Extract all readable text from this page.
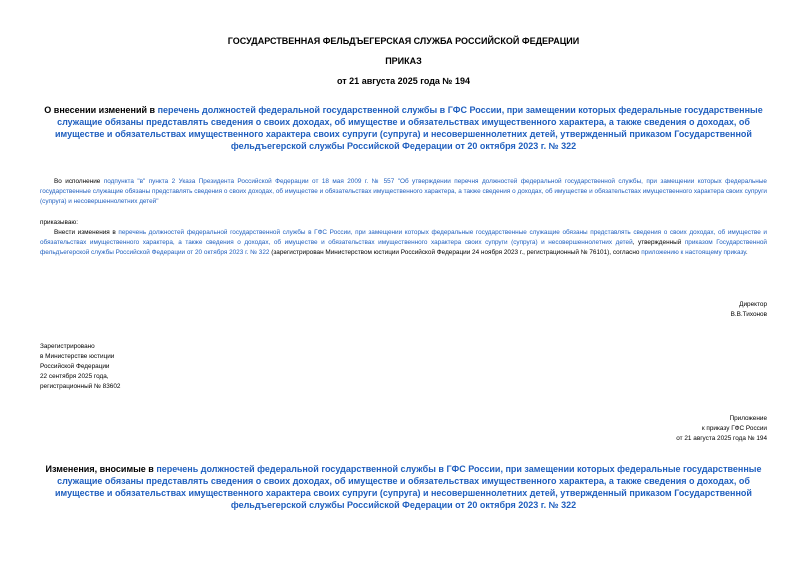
ГОСУДАРСТВЕННАЯ ФЕЛЬДЪЕГЕРСКАЯ СЛУЖБА РОССИЙСКОЙ ФЕДЕРАЦИИ
ПРИКАЗ
от 21 августа 2025 года № 194
О внесении изменений в перечень должностей федеральной государственной службы в ГФС России, при замещении которых федеральные государственные служащие обязаны представлять сведения о своих доходах, об имуществе и обязательствах имущественного характера, а также сведения о доходах, об имуществе и обязательствах имущественного характера своих супруги (супруга) и несовершеннолетних детей, утвержденный приказом Государственной фельдъегерской службы Российской Федерации от 20 октября 2023 г. № 322
Во исполнение подпункта "в" пункта 2 Указа Президента Российской Федерации от 18 мая 2009 г. № 557 "Об утверждении перечня должностей федеральной государственной службы, при замещении которых федеральные государственные служащие обязаны представлять сведения о своих доходах, об имуществе и обязательствах имущественного характера, а также сведения о доходах, об имуществе и обязательствах имущественного характера своих супруги (супруга) и несовершеннолетних детей"
приказываю:
Внести изменения в перечень должностей федеральной государственной службы в ГФС России, при замещении которых федеральные государственные служащие обязаны представлять сведения о своих доходах, об имуществе и обязательствах имущественного характера, а также сведения о доходах, об имуществе и обязательствах имущественного характера своих супруги (супруга) и несовершеннолетних детей, утвержденный приказом Государственной фельдъегерской службы Российской Федерации от 20 октября 2023 г. № 322 (зарегистрирован Министерством юстиции Российской Федерации 24 ноября 2023 г., регистрационный № 76101), согласно приложению к настоящему приказу.
Директор
В.В.Тихонов
Зарегистрировано
в Министерстве юстиции
Российской Федерации
22 сентября 2025 года,
регистрационный № 83602
Приложение
к приказу ГФС России
от 21 августа 2025 года № 194
Изменения, вносимые в перечень должностей федеральной государственной службы в ГФС России, при замещении которых федеральные государственные служащие обязаны представлять сведения о своих доходах, об имуществе и обязательствах имущественного характера, а также сведения о доходах, об имуществе и обязательствах имущественного характера своих супруги (супруга) и несовершеннолетних детей, утвержденный приказом Государственной фельдъегерской службы Российской Федерации от 20 октября 2023 г. № 322
